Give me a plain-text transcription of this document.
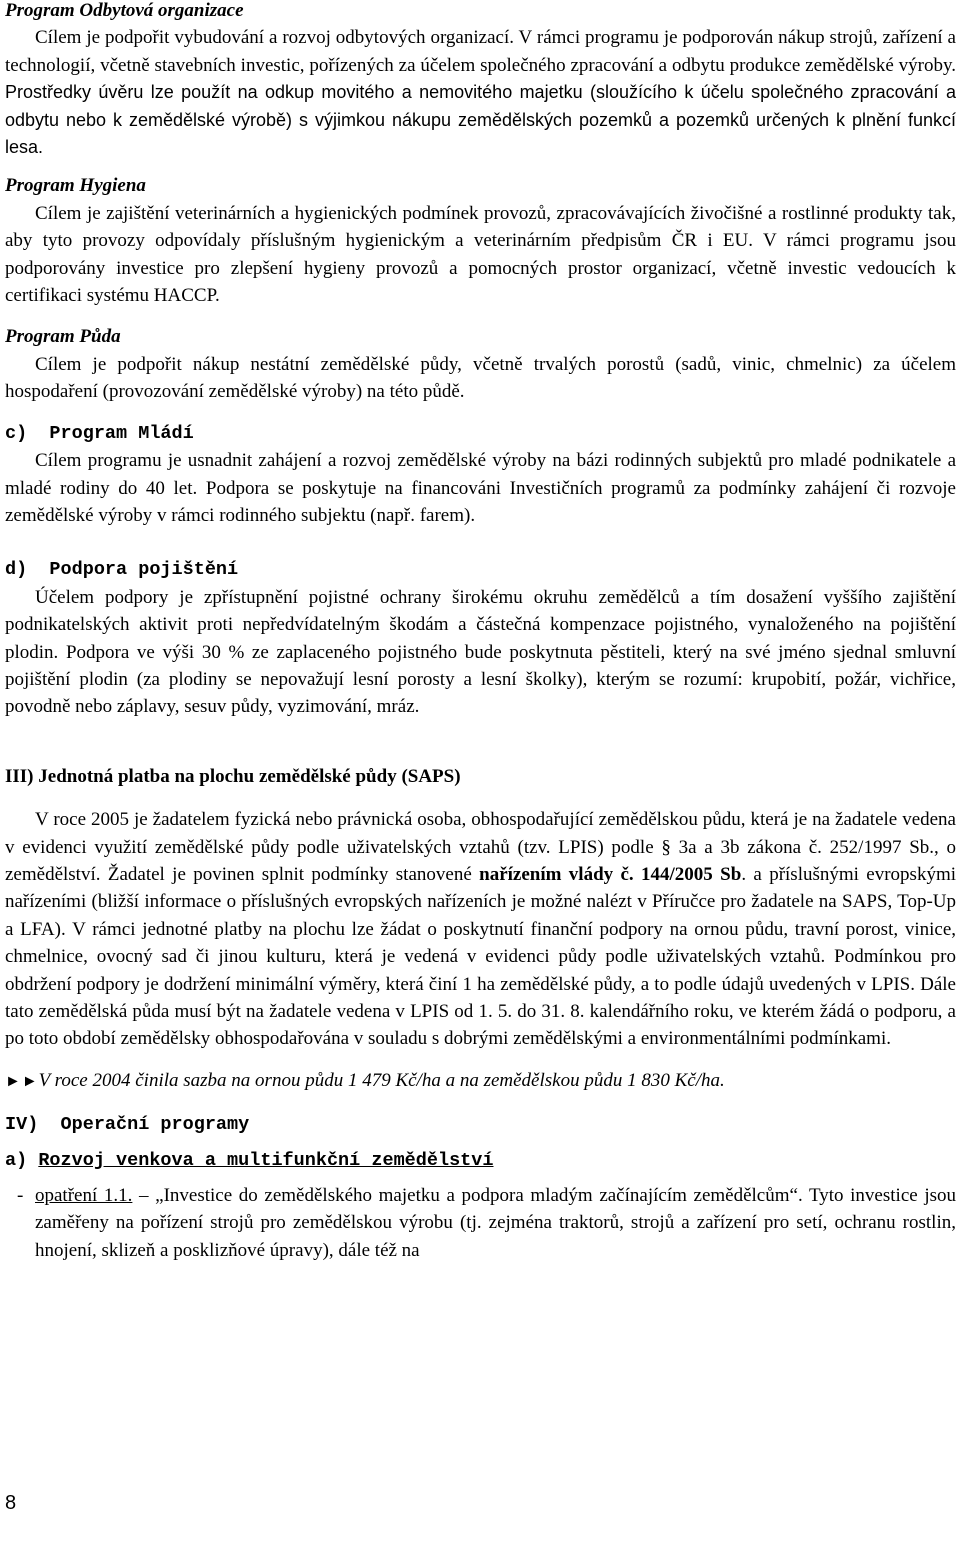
Program Odbytová organizace

Cílem je podpořit vybudování a rozvoj odbytových organizací. V rámci programu je podporován nákup strojů, zařízení a technologií, včetně stavebních investic, pořízených za účelem společného zpracování a odbytu produkce zemědělské výroby. Prostředky úvěru lze použít na odkup movitého a nemovitého majetku (sloužícího k účelu společného zpracování a odbytu nebo k zemědělské výrobě) s výjimkou nákupu zemědělských pozemků a pozemků určených k plnění funkcí lesa.

Program Hygiena

Cílem je zajištění veterinárních a hygienických podmínek provozů, zpracovávajících živočišné a rostlinné produkty tak, aby tyto provozy odpovídaly příslušným hygienickým a veterinárním předpisům ČR i EU. V rámci programu jsou podporovány investice pro zlepšení hygieny provozů a pomocných prostor organizací, včetně investic vedoucích k certifikaci systému HACCP.

Program Půda

Cílem je podpořit nákup nestátní zemědělské půdy, včetně trvalých porostů (sadů, vinic, chmelnic) za účelem hospodaření (provozování zemědělské výroby) na této půdě.

c)  Program Mládí

Cílem programu je usnadnit zahájení a rozvoj zemědělské výroby na bázi rodinných subjektů pro mladé podnikatele a mladé rodiny do 40 let. Podpora se poskytuje na financováni Investičních programů za podmínky zahájení či rozvoje zemědělské výroby v rámci rodinného subjektu (např. farem).

d)  Podpora pojištění

Účelem podpory je zpřístupnění pojistné ochrany širokému okruhu zemědělců a tím dosažení vyššího zajištění podnikatelských aktivit proti nepředvídatelným škodám a částečná kompenzace pojistného, vynaloženého na pojištění plodin. Podpora ve výši 30 % ze zaplaceného pojistného bude poskytnuta pěstiteli, který na své jméno sjednal smluvní pojištění plodin (za plodiny se nepovažují lesní porosty a lesní školky), kterým se rozumí: krupobití, požár, vichřice, povodně nebo záplavy, sesuv půdy, vyzimování, mráz.

III) Jednotná platba na plochu zemědělské půdy (SAPS)

V roce 2005 je žadatelem fyzická nebo právnická osoba, obhospodařující zemědělskou půdu, která je na žadatele vedena v evidenci využití zemědělské půdy podle uživatelských vztahů (tzv. LPIS) podle § 3a a 3b zákona č. 252/1997 Sb., o zemědělství. Žadatel je povinen splnit podmínky stanovené nařízením vlády č. 144/2005 Sb. a příslušnými evropskými nařízeními (bližší informace o příslušných evropských nařízeních je možné nalézt v Příručce pro žadatele na SAPS, Top-Up a LFA). V rámci jednotné platby na plochu lze žádat o poskytnutí finanční podpory na ornou půdu, travní porost, vinice, chmelnice, ovocný sad či jinou kulturu, která je vedená v evidenci půdy podle uživatelských vztahů. Podmínkou pro obdržení podpory je dodržení minimální výměry, která činí 1 ha zemědělské půdy, a to podle údajů uvedených v LPIS. Dále tato zemědělská půda musí být na žadatele vedena v LPIS od 1. 5. do 31. 8. kalendářního roku, ve kterém žádá o podporu, a po toto období zemědělsky obhospodařována v souladu s dobrými zemědělskými a environmentálními podmínkami.

►►V roce 2004 činila sazba na ornou půdu 1 479 Kč/ha a na zemědělskou půdu 1 830 Kč/ha.

IV)  Operační programy

a) Rozvoj venkova a multifunkční zemědělství

- opatření 1.1. – „Investice do zemědělského majetku a podpora mladým začínajícím zemědělcům“. Tyto investice jsou zaměřeny na pořízení strojů pro zemědělskou výrobu (tj. zejména traktorů, strojů a zařízení pro setí, ochranu rostlin, hnojení, sklizeň a posklizňové úpravy), dále též na
8
